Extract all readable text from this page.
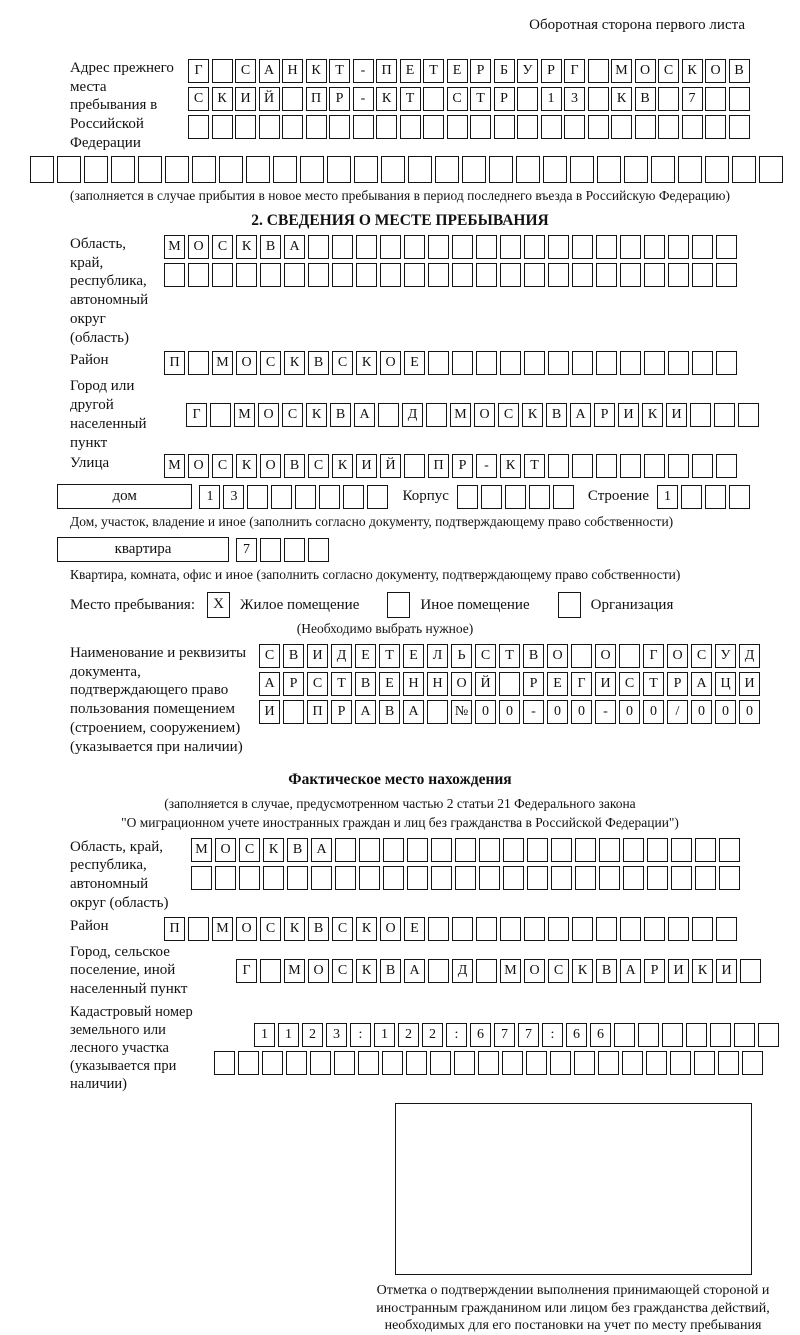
Оборотная сторона первого листа
Адрес прежнего места пребывания в Российской Федерации
Г	С А Н К	Т	-	П	Е	Т	Е	Р	Б	У	Р	Г	М О С	К О В
С	К И Й	П	Р	-	К	Т	С	Т	Р	1	3	К	В	7
(заполняется в случае прибытия в новое место пребывания в период последнего въезда в Российскую Федерацию)
2. СВЕДЕНИЯ О МЕСТЕ ПРЕБЫВАНИЯ
Область, край, республика, автономный округ (область)
М О	С	К	В	А
Район	П	М О	С	К	В	С	К	О	Е
Город или другой населенный пункт
Г	М О	С	К	В	А	Д	М О	С	К	В	А	Р	И	К	И
Улица	М О	С	К	О	В	С	К	И Й	П	Р	-	К	Т
дом	1	3	Корпус	Строение	1
Дом, участок, владение и иное (заполнить согласно документу, подтверждающему право собственности)
квартира	7
Квартира, комната, офис и иное (заполнить согласно документу, подтверждающему право собственности)
Место пребывания:	X	Жилое помещение	Иное помещение	Организация
(Необходимо выбрать нужное)
Наименование и реквизиты документа, подтверждающего право пользования помещением (строением, сооружением) (указывается при наличии)
С	В	И	Д	Е	Т	Е	Л	Ь	С	Т	В	О	О	Г	О	С	У	Д
А	Р	С	Т	В	Е	Н Н О Й	Р	Е	Г	И	С	Т	Р	А Ц И
И	П	Р	А	В	А	№ 0	0	-	0	0	-	0	0	/	0	0	0
Фактическое место нахождения
(заполняется в случае, предусмотренном частью 2 статьи 21 Федерального закона
"О миграционном учете иностранных граждан и лиц без гражданства в Российской Федерации")
Область, край, республика, автономный округ (область)
М О	С	К	В	А
Район	П	М О	С	К	В	С	К	О	Е
Город, сельское поселение, иной населенный пункт
Г	М О	С	К	В	А	Д	М О	С	К	В	А	Р	И	К	И
Кадастровый номер земельного или лесного участка (указывается при наличии)
1	1	2	3	:	1	2	2	:	6	7	7	:	6	6
Отметка о подтверждении выполнения принимающей стороной и иностранным гражданином или лицом без гражданства действий, необходимых для его постановки на учет по месту пребывания
